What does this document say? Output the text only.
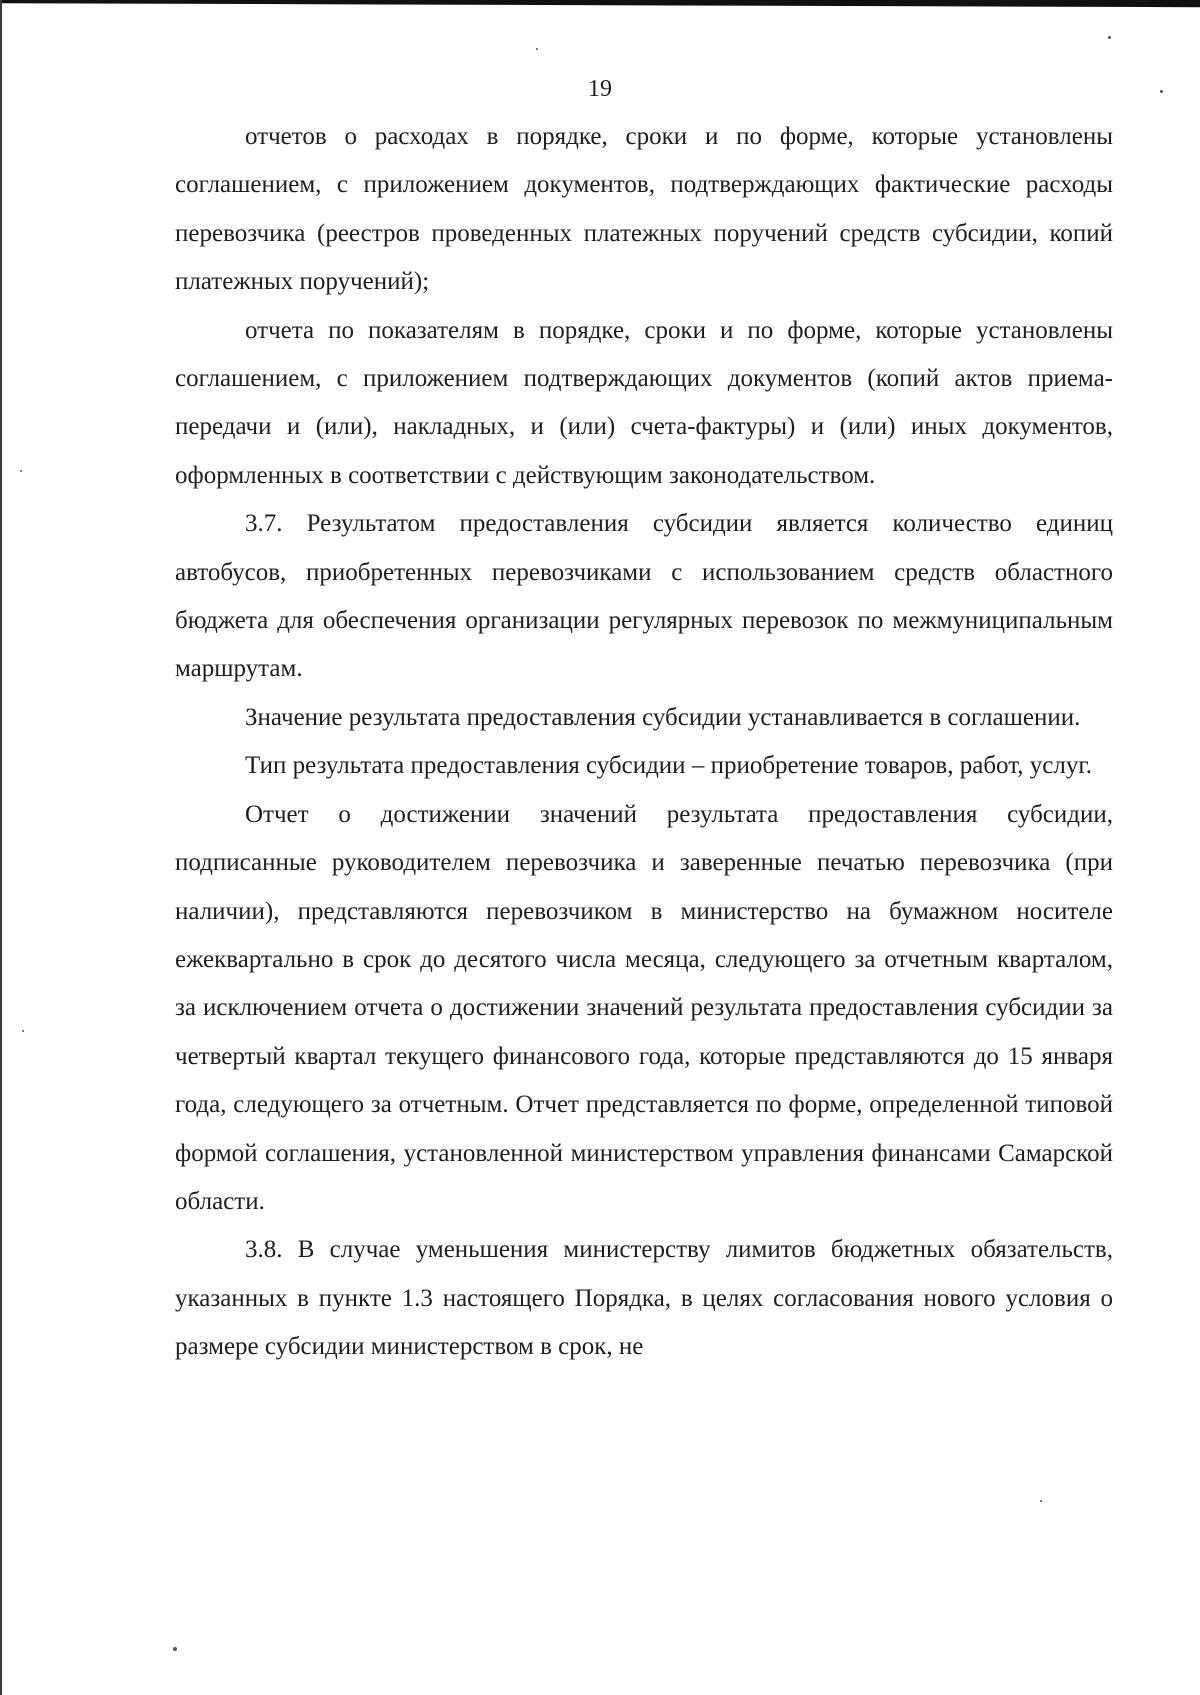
19

отчетов о расходах в порядке, сроки и по форме, которые установлены соглашением, с приложением документов, подтверждающих фактические расходы перевозчика (реестров проведенных платежных поручений средств субсидии, копий платежных поручений);

отчета по показателям в порядке, сроки и по форме, которые установлены соглашением, с приложением подтверждающих документов (копий актов приема-передачи и (или), накладных, и (или) счета-фактуры) и (или) иных документов, оформленных в соответствии с действующим законодательством.

3.7. Результатом предоставления субсидии является количество единиц автобусов, приобретенных перевозчиками с использованием средств областного бюджета для обеспечения организации регулярных перевозок по межмуниципальным маршрутам.

Значение результата предоставления субсидии устанавливается в соглашении.

Тип результата предоставления субсидии – приобретение товаров, работ, услуг.

Отчет о достижении значений результата предоставления субсидии, подписанные руководителем перевозчика и заверенные печатью перевозчика (при наличии), представляются перевозчиком в министерство на бумажном носителе ежеквартально в срок до десятого числа месяца, следующего за отчетным кварталом, за исключением отчета о достижении значений результата предоставления субсидии за четвертый квартал текущего финансового года, которые представляются до 15 января года, следующего за отчетным. Отчет представляется по форме, определенной типовой формой соглашения, установленной министерством управления финансами Самарской области.

3.8. В случае уменьшения министерству лимитов бюджетных обязательств, указанных в пункте 1.3 настоящего Порядка, в целях согласования нового условия о размере субсидии министерством в срок, не
